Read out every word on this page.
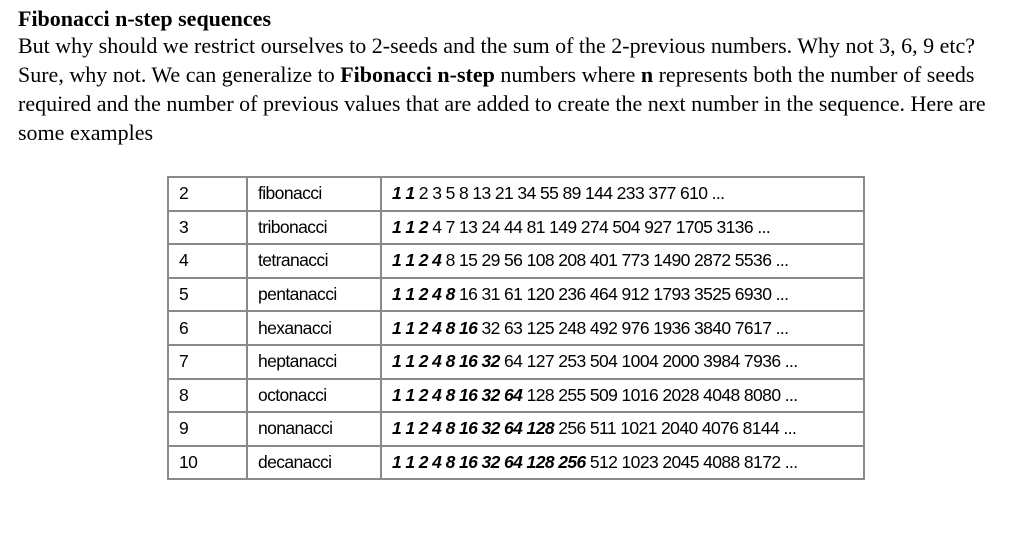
Fibonacci n-step sequences

But why should we restrict ourselves to 2-seeds and the sum of the 2-previous numbers. Why not 3, 6, 9 etc? Sure, why not. We can generalize to Fibonacci n-step numbers where n represents both the number of seeds required and the number of previous values that are added to create the next number in the sequence. Here are some examples

2	fibonacci	1 1 2 3 5 8 13 21 34 55 89 144 233 377 610 ...
3	tribonacci	1 1 2 4 7 13 24 44 81 149 274 504 927 1705 3136 ...
4	tetranacci	1 1 2 4 8 15 29 56 108 208 401 773 1490 2872 5536 ...
5	pentanacci	1 1 2 4 8 16 31 61 120 236 464 912 1793 3525 6930 ...
6	hexanacci	1 1 2 4 8 16 32 63 125 248 492 976 1936 3840 7617 ...
7	heptanacci	1 1 2 4 8 16 32 64 127 253 504 1004 2000 3984 7936 ...
8	octonacci	1 1 2 4 8 16 32 64 128 255 509 1016 2028 4048 8080 ...
9	nonanacci	1 1 2 4 8 16 32 64 128 256 511 1021 2040 4076 8144 ...
10	decanacci	1 1 2 4 8 16 32 64 128 256 512 1023 2045 4088 8172 ...
